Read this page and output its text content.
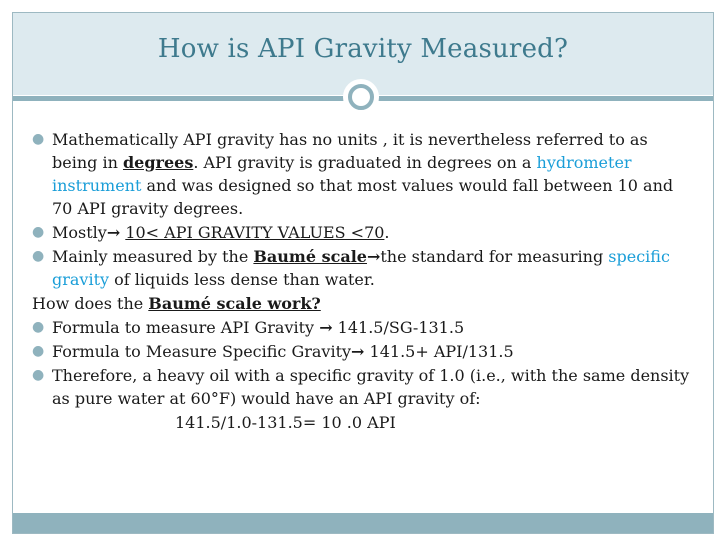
How is API Gravity Measured?
● Mathematically API gravity has no units , it is nevertheless referred to as being in degrees. API gravity is graduated in degrees on a hydrometer instrument and was designed so that most values would fall between 10 and 70 API gravity degrees.
● Mostly→ 10< API GRAVITY VALUES <70.
● Mainly measured by the Baumé scale→the standard for measuring specific gravity of liquids less dense than water.
How does the Baumé scale work?
● Formula to measure API Gravity → 141.5/SG-131.5
● Formula to Measure Specific Gravity→ 141.5+ API/131.5
● Therefore, a heavy oil with a specific gravity of 1.0 (i.e., with the same density as pure water at 60°F) would have an API gravity of:
141.5/1.0-131.5= 10 .0 API
